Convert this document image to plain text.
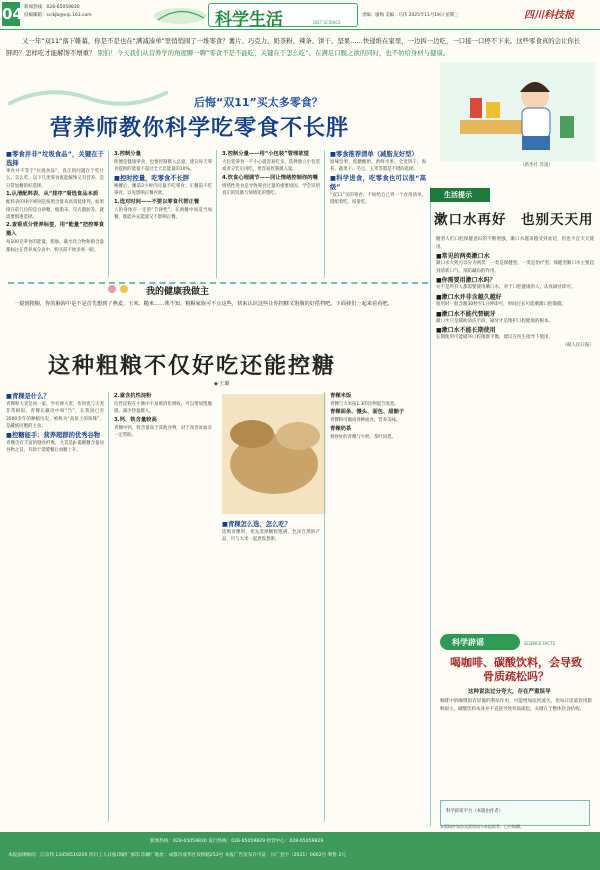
04 新闻热线：028-65059830
投稿邮箱：scikjb@vip.163.com	科学生活	DIET SCIENCE
责编：廖梅 美编：马伟 2025年11月19日 星期三	四川科技报
又一年“双11”落下帷幕，你是不是也在“满减凑单”里悄悄囤了一堆零食？薯片、巧克力、奶茶粉、辣条、饼干、坚果……快递堆在家里，一边拆一边吃，一口接一口停不下来。这些零食真的会让你长胖吗？怎样吃才能解馋不增重？ 别怕！今天我们从营养学的角度聊一聊“零食不是不能吃，关键在于怎么吃”。在满足口腹之欲的同时，也不妨给身材与健康。
后悔“双11”买太多零食？
营养师教你科学吃零食不长胖
（新华社 苏凌）
■零食并非“垃圾食品”，关键在于选择
零食并不等于“垃圾食品”。真正的问题在于吃什么、怎么吃，以下几类零食既能解馋又有营养，是日常加餐的好选择。
1.认清配料表，从“排序”看选食品本质
配料表的排序规则是按照含量从高到低排列，如果排在前几位的是白砂糖、植脂末、反式脂肪等，就需要慎重选择。
2.查看成分营养标签，用“能量”把控零食摄入
每100克零食的能量、脂肪、碳水化合物和钠含量都标注在营养成分表中，购买前不妨多看一眼。
3.控制分量
即便是健康零食，也要控制摄入总量，建议每天零食提供的能量不超过全天总能量的10%。
■控时控量，吃零食不长胖
晚餐后、睡前2小时内尽量不吃零食；正餐前不吃零食，以免影响正餐食欲。
1.选对时间——不要以零食代替正餐
人的身体有一定的“节律性”。在两餐中间适当加餐，既能补充能量又不影响正餐。
3.控制分量——用“小包装”管理欲望
大包装零食一不小心就容易吃多，选择独立小包装或者分装后再吃，更容易控制摄入量。
4.饮食心理调节——回让情绪控制你的嘴
情绪性进食是导致零食过量的重要原因，学会识别真正的饥饿与情绪化的想吃。
■零食推荐清单（减脂友好型）
原味坚果、低糖酸奶、新鲜水果、全麦饼干、海苔、蔬果干、毛豆、玉米等都是不错的选择。
■科学进食，吃零食也可以很“高级”
“双11”买的零食，不妨给自己列一个食用清单，搭配着吃、按量吃。
我的健康我做主
一提到粗粮，你的脑海中是不是首先想到了燕麦、玉米、糙米……殊不知，粗粮家族可不止这些，快来认识这些让你控糖又饱腹的好搭档吧。下面我们一起来看看吧。
这种粗粮不仅好吃还能控糖
◆ 王璐
■青稞是什么？
青稞和大麦是同一家，学名裸大麦，作用也与大麦非常相似。青稞在藏语中叫“乃”，在我国已有3500多年的种植历史，被称为“高原上的珍珠”，是藏族同胞的主食。
■控糖能手：营养超群的优秀谷物
青稞含有丰富的膳食纤维，尤其是β-葡聚糖含量居谷物之首，有助于延缓餐后血糖上升。
2.富含抗性淀粉
抗性淀粉在小肠中不易被消化吸收，可以增加饱腹感、减少热量摄入。
3.钙、铁含量较高
青稞中钙、铁含量高于其他谷物，对于改善贫血有一定帮助。
■青稞怎么选、怎么吃？
选购青稞时，优先选择颗粒饱满、色泽自然的产品，可与大米一起煮饭煮粥。
青稞米饭
青稞与大米按1:3的比例混合蒸煮。
青稞面条、馒头、面包、甜醅子
青稞粉可做成各种面食，营养美味。
青稞奶茶
将炒好的青稞与牛奶、茶叶同煮。
生活提示
漱口水再好　也别天天用
随着人们口腔保健意识的不断增强，漱口水越来越受到欢迎，但也不宜天天使用。
■常见的两类漱口水
漱口水大致可以分为两类：一类是保健型，一类是治疗型。保健型漱口水主要起到清新口气、预防龋齿的作用。
■你需要用漱口水吗？
并不是所有人都需要使用漱口水，对于口腔健康的人，认真刷牙即可。
■漱口水并非含越久越好
使用时一般含漱30秒至1分钟即可，时间过长可能刺激口腔黏膜。
■漱口水不能代替刷牙
漱口水只是辅助清洁手段，刷牙才是维护口腔健康的根本。
■漱口水不能长期使用
长期使用可能破坏口腔菌群平衡，建议在医生指导下使用。
（据人民日报）
科学辟谣	SCIENCE FACTS
喝咖啡、碳酸饮料，会导致骨质疏松吗？
这种说法过分夸大，存在严重误导
咖啡中的咖啡因有轻微的利尿作用，可能增加尿钙流失，但每日适量饮用影响很小。碳酸饮料本身并不直接导致骨质疏松，关键在于整体饮食结构。
科学辟谣平台（本版由作者）
本版稿件如涉及版权请与本报联系，已付稿酬。
新闻热线：028-65059830 发行热线：028-65059829 经营中心：028-65059829
本报法律顾问：江宗伟 13456510205 四川工人日报印刷厂承印 印刷厂地址：成都市成华区双桥路253号 本报广告发布许可证：川广登字（2021）0002号 零售 2元
